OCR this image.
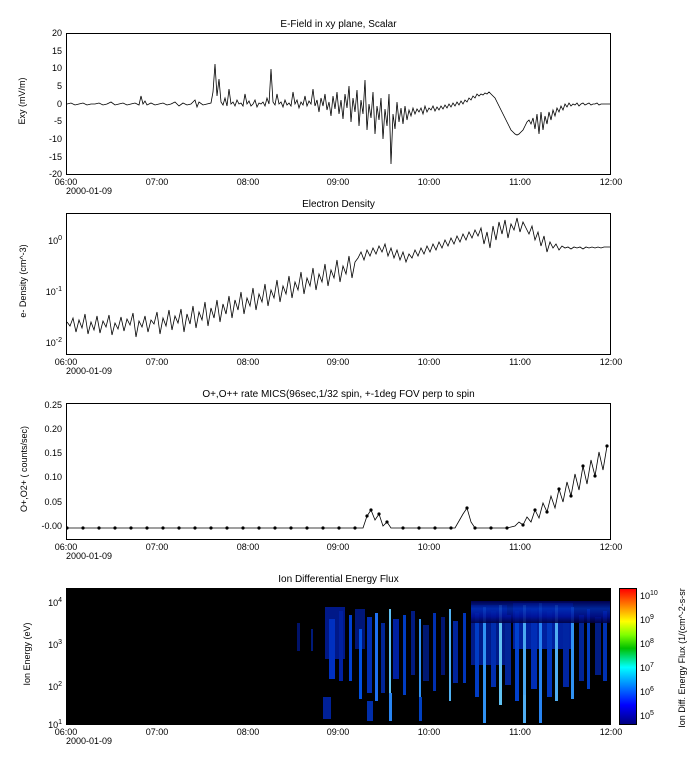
E-Field in xy plane, Scalar
Exy (mV/m)
20
15
10
5
0
-5
-10
-15
-20
06:00	07:00	08:00	09:00	10:00	11:00	12:00
2000-01-09
Electron Density
e- Density (cm^-3)
$10^0$
$10^{-1}$
$10^{-2}$
06:00	07:00	08:00	09:00	10:00	11:00	12:00
2000-01-09
O+,O++ rate MICS(96sec,1/32 spin, +-1deg FOV perp to spin
O+,O2+ ( counts/sec)
0.25
0.20
0.15
0.10
0.05
-0.00
06:00	07:00	08:00	09:00	10:00	11:00	12:00
2000-01-09
Ion Differential Energy Flux
Ion Energy (eV)
$10^4$
$10^3$
$10^2$
$10^1$
06:00	07:00	08:00	09:00	10:00	11:00	12:00
2000-01-09
$10^{10}$
$10^9$
$10^8$
$10^7$
$10^6$
$10^5$	Ion Diff. Energy Flux (1/(cm^-2-s-sr
